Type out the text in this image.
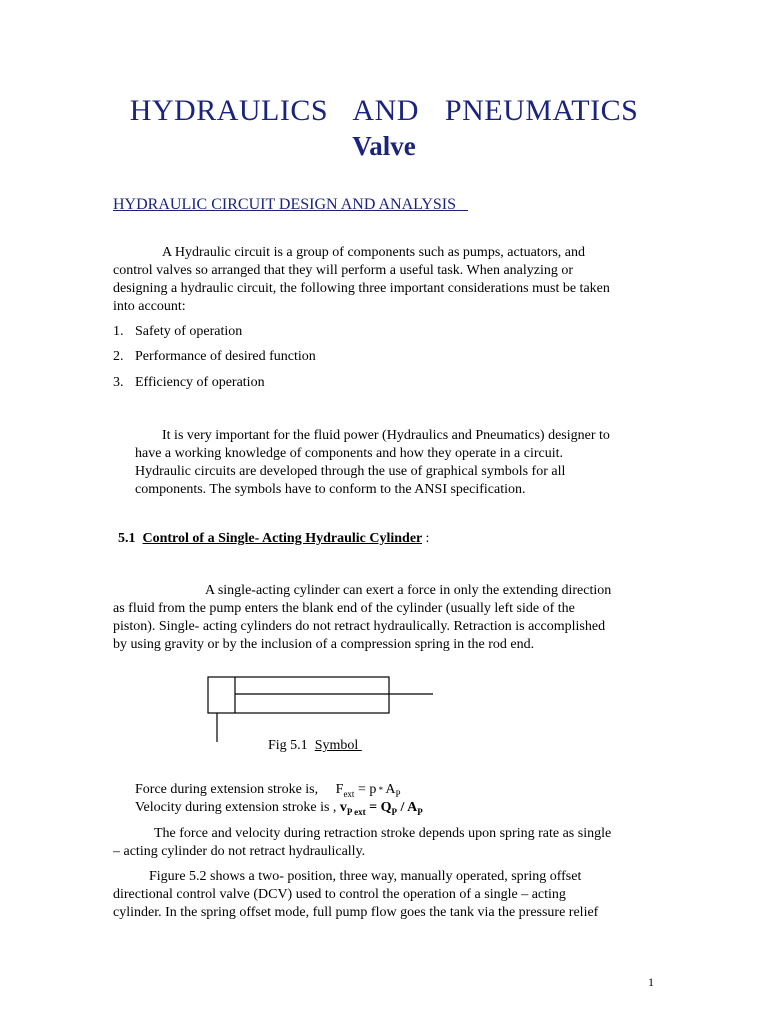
HYDRAULICS AND PNEUMATICS
Valve
HYDRAULIC CIRCUIT DESIGN AND ANALYSIS
A Hydraulic circuit is a group of components such as pumps, actuators, and
control valves so arranged that they will perform a useful task. When analyzing or
designing a hydraulic circuit, the following three important considerations must be taken
into account:
1. Safety of operation
2. Performance of desired function
3. Efficiency of operation
It is very important for the fluid power (Hydraulics and Pneumatics) designer to
have a working knowledge of components and how they operate in a circuit.
Hydraulic circuits are developed through the use of graphical symbols for all
components. The symbols have to conform to the ANSI specification.
5.1 Control of a Single- Acting Hydraulic Cylinder :
A single-acting cylinder can exert a force in only the extending direction
as fluid from the pump enters the blank end of the cylinder (usually left side of the
piston). Single- acting cylinders do not retract hydraulically. Retraction is accomplished
by using gravity or by the inclusion of a compression spring in the rod end.
Fig 5.1  Symbol
Force during extension stroke is, $F_{ext} = p * A_P$
Velocity during extension stroke is , $v_{P ext} = Q_P / A_P$
The force and velocity during retraction stroke depends upon spring rate as single
– acting cylinder do not retract hydraulically.
Figure 5.2 shows a two- position, three way, manually operated, spring offset
directional control valve (DCV) used to control the operation of a single – acting
cylinder. In the spring offset mode, full pump flow goes the tank via the pressure relief
1
